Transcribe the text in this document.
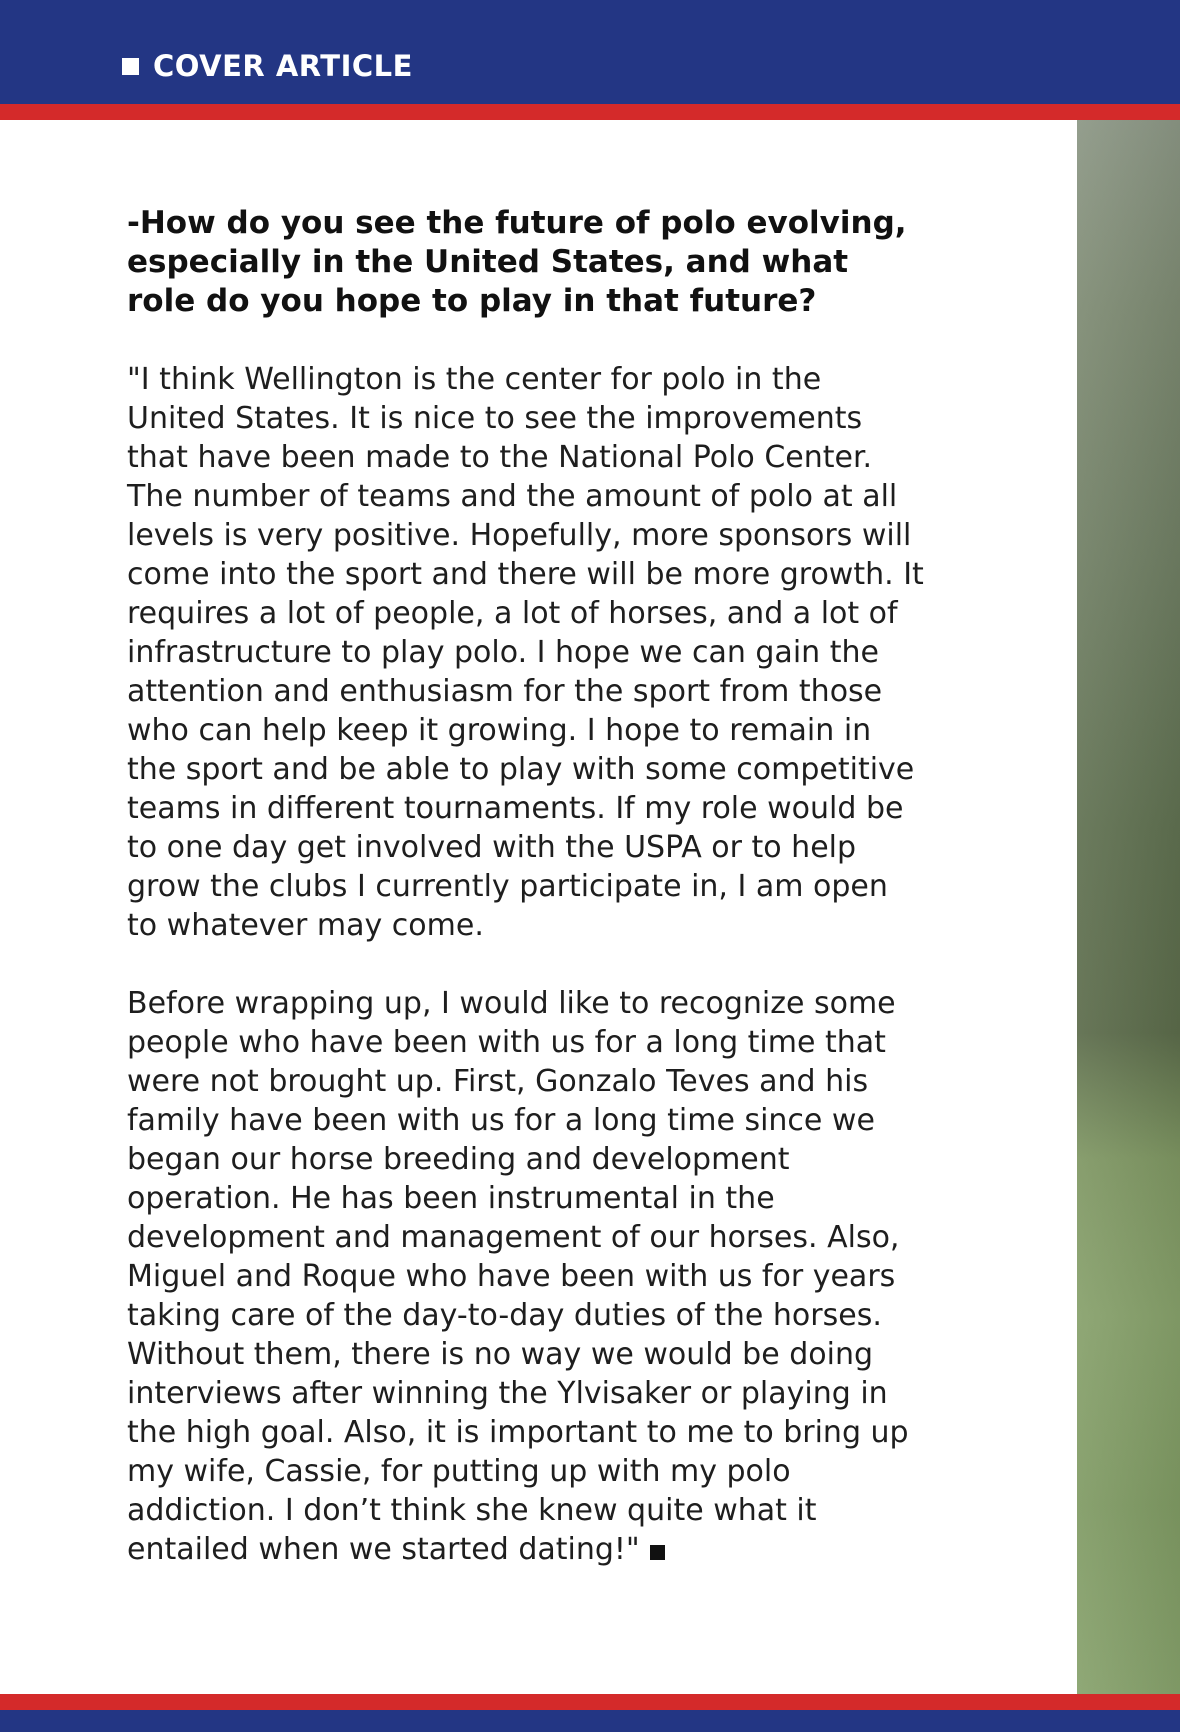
COVER ARTICLE
-How do you see the future of polo evolving, especially in the United States, and what role do you hope to play in that future?

"I think Wellington is the center for polo in the United States. It is nice to see the improvements that have been made to the National Polo Center. The number of teams and the amount of polo at all levels is very positive. Hopefully, more sponsors will come into the sport and there will be more growth. It requires a lot of people, a lot of horses, and a lot of infrastructure to play polo. I hope we can gain the attention and enthusiasm for the sport from those who can help keep it growing. I hope to remain in the sport and be able to play with some competitive teams in different tournaments. If my role would be to one day get involved with the USPA or to help grow the clubs I currently participate in, I am open to whatever may come.

Before wrapping up, I would like to recognize some people who have been with us for a long time that were not brought up. First, Gonzalo Teves and his family have been with us for a long time since we began our horse breeding and development operation. He has been instrumental in the development and management of our horses. Also, Miguel and Roque who have been with us for years taking care of the day-to-day duties of the horses. Without them, there is no way we would be doing interviews after winning the Ylvisaker or playing in the high goal. Also, it is important to me to bring up my wife, Cassie, for putting up with my polo addiction. I don’t think she knew quite what it entailed when we started dating!"
